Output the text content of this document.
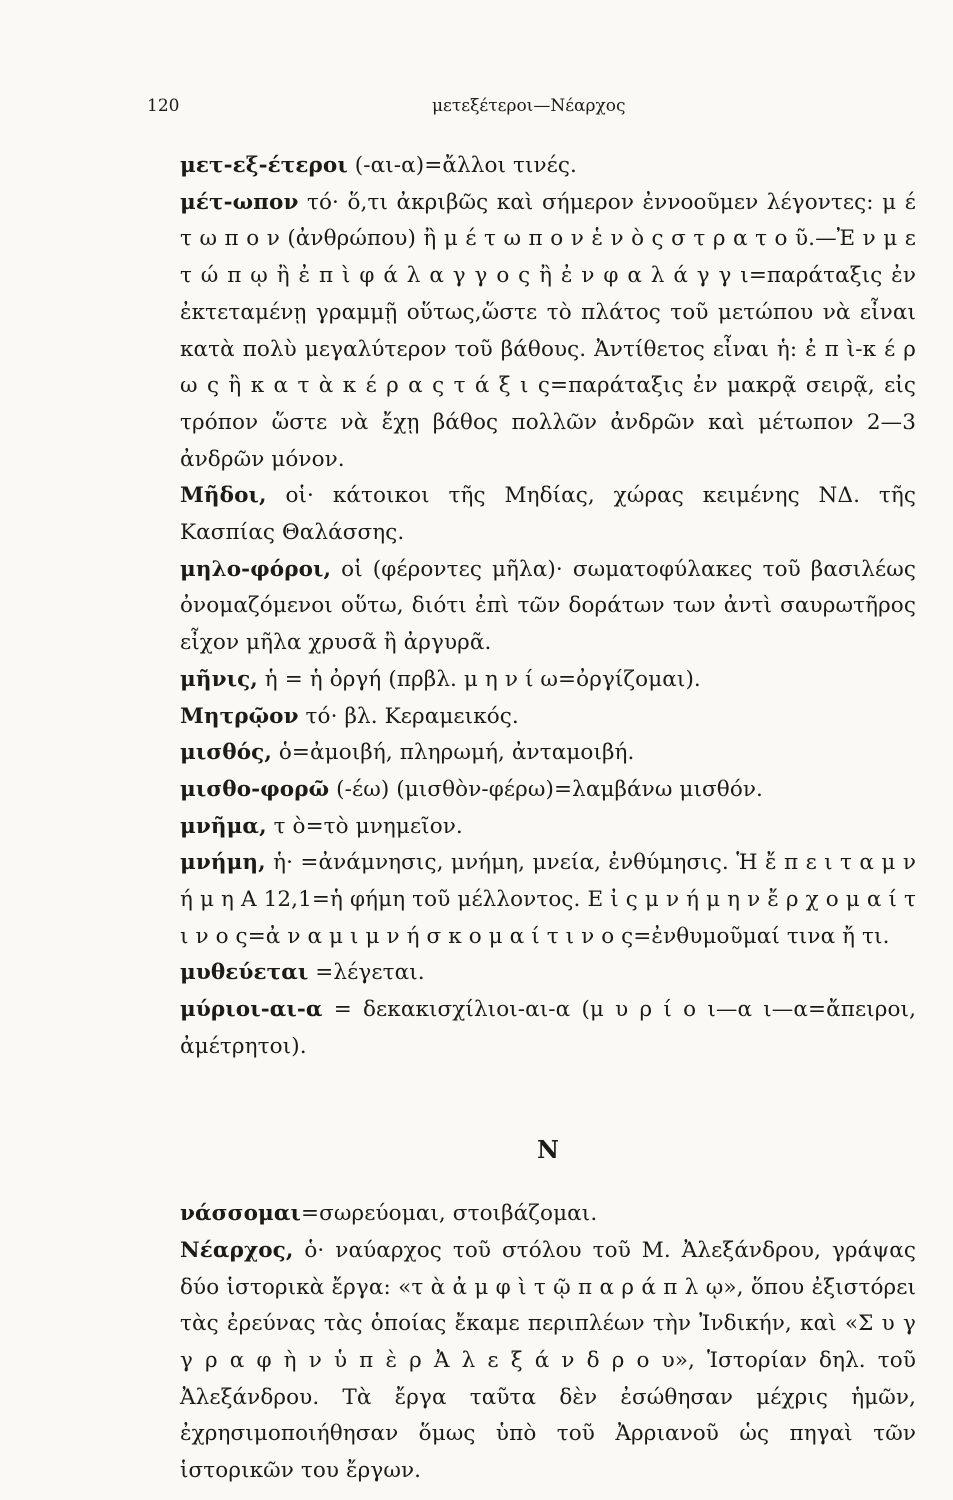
120	μετεξέτεροι—Νέαρχος

μετ-εξ-έτεροι (-αι-α)=ἄλλοι τινές.

μέτ-ωπον τό· ὅ,τι ἀκριβῶς καὶ σήμερον ἐννοοῦμεν λέγοντες: μ έ τ ω π ο ν (ἀνθρώπου) ἢ μ έ τ ω π ο ν ἑ ν ὸ ς σ τ ρ α τ ο ῦ.—Ἐ ν μ ε τ ώ π ῳ ἢ ἐ π ὶ φ ά λ α γ γ ο ς ἢ ἐ ν φ α λ ά γ γ ι=παράταξις ἐν ἐκτεταμένῃ γραμμῇ οὕτως,ὥστε τὸ πλάτος τοῦ μετώπου νὰ εἶναι κατὰ πολὺ μεγαλύτερον τοῦ βάθους. Ἀντίθετος εἶναι ἡ: ἐ π ὶ-κ έ ρ ω ς ἢ κ α τ ὰ κ έ ρ α ς τ ά ξ ι ς=παράταξις ἐν μακρᾷ σειρᾷ, εἰς τρόπον ὥστε νὰ ἔχῃ βάθος πολλῶν ἀνδρῶν καὶ μέτωπον 2—3 ἀνδρῶν μόνον.

Μῆδοι, οἱ· κάτοικοι τῆς Μηδίας, χώρας κειμένης ΝΔ. τῆς Κασπίας Θαλάσσης.

μηλο-φόροι, οἱ (φέροντες μῆλα)· σωματοφύλακες τοῦ βασιλέως ὀνομαζόμενοι οὕτω, διότι ἐπὶ τῶν δοράτων των ἀντὶ σαυρωτῆρος εἶχον μῆλα χρυσᾶ ἢ ἀργυρᾶ.

μῆνις, ἡ = ἡ ὀργή (πρβλ. μ η ν ί ω=ὀργίζομαι).

Μητρῷον τό· βλ. Κεραμεικός.

μισθός, ὁ=ἀμοιβή, πληρωμή, ἀνταμοιβή.

μισθο-φορῶ (-έω) (μισθὸν-φέρω)=λαμβάνω μισθόν.

μνῆμα, τ ὸ=τὸ μνημεῖον.

μνήμη, ἡ· =ἀνάμνησις, μνήμη, μνεία, ἐνθύμησις. Ἡ ἔ π ε ι τ α μ ν ή μ η Α 12,1=ἡ φήμη τοῦ μέλλοντος. Ε ἰ ς μ ν ή μ η ν ἔ ρ χ ο μ α ί τ ι ν ο ς=ἀ ν α μ ι μ ν ή σ κ ο μ α ί τ ι ν ο ς=ἐνθυμοῦμαί τινα ἤ τι.

μυθεύεται =λέγεται.

μύριοι-αι-α = δεκακισχίλιοι-αι-α (μ υ ρ ί ο ι—α ι—α=ἄπειροι, ἀμέτρητοι).

Ν

νάσσομαι=σωρεύομαι, στοιβάζομαι.

Νέαρχος, ὁ· ναύαρχος τοῦ στόλου τοῦ Μ. Ἀλεξάνδρου, γράψας δύο ἱστορικὰ ἔργα: «τ ὰ ἀ μ φ ὶ τ ῷ π α ρ ά π λ ῳ», ὅπου ἐξιστόρει τὰς ἐρεύνας τὰς ὁποίας ἔκαμε περιπλέων τὴν Ἰνδικήν, καὶ «Σ υ γ γ ρ α φ ὴ ν ὑ π ὲ ρ Ἀ λ ε ξ ά ν δ ρ ο υ», Ἱστορίαν δηλ. τοῦ Ἀλεξάνδρου. Τὰ ἔργα ταῦτα δὲν ἐσώθησαν μέχρις ἡμῶν, ἐχρησιμοποιήθησαν ὅμως ὑπὸ τοῦ Ἀρριανοῦ ὡς πηγαὶ τῶν ἱστορικῶν του ἔργων.
